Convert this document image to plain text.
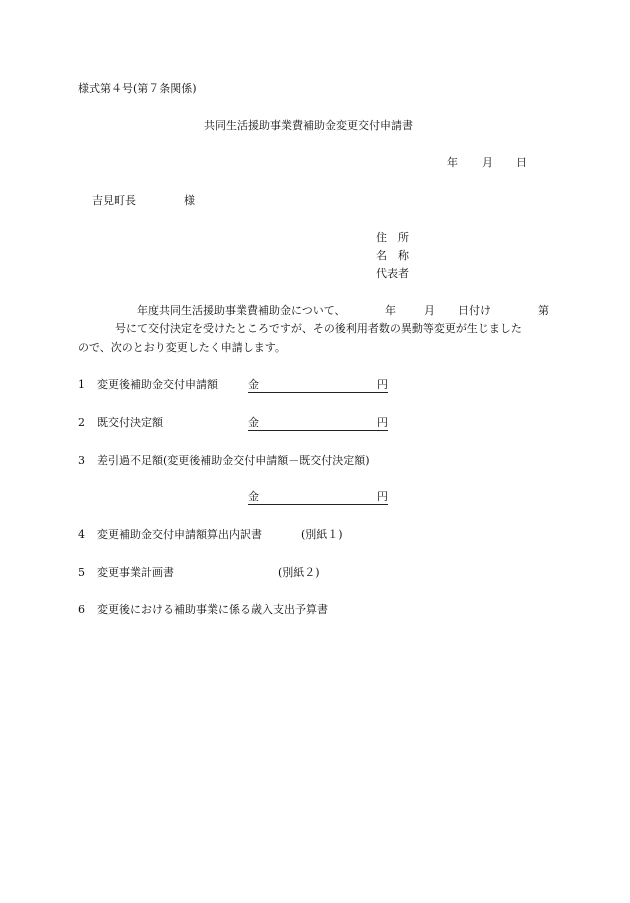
様式第４号(第７条関係)
共同生活援助事業費補助金変更交付申請書
年 月 日
吉見町長	様
住　所
名　称
代表者
年度共同生活援助事業費補助金について、	年	月 日付け	第
号にて交付決定を受けたところですが、その後利用者数の異動等変更が生じました
ので、次のとおり変更したく申請します。
1 変更後補助金交付申請額	金	円
2 既交付決定額	金	円
3 差引過不足額(変更後補助金交付申請額－既交付決定額)
金	円
4 変更補助金交付申請額算出内訳書	(別紙１)
5 変更事業計画書	(別紙２)
6 変更後における補助事業に係る歳入支出予算書
